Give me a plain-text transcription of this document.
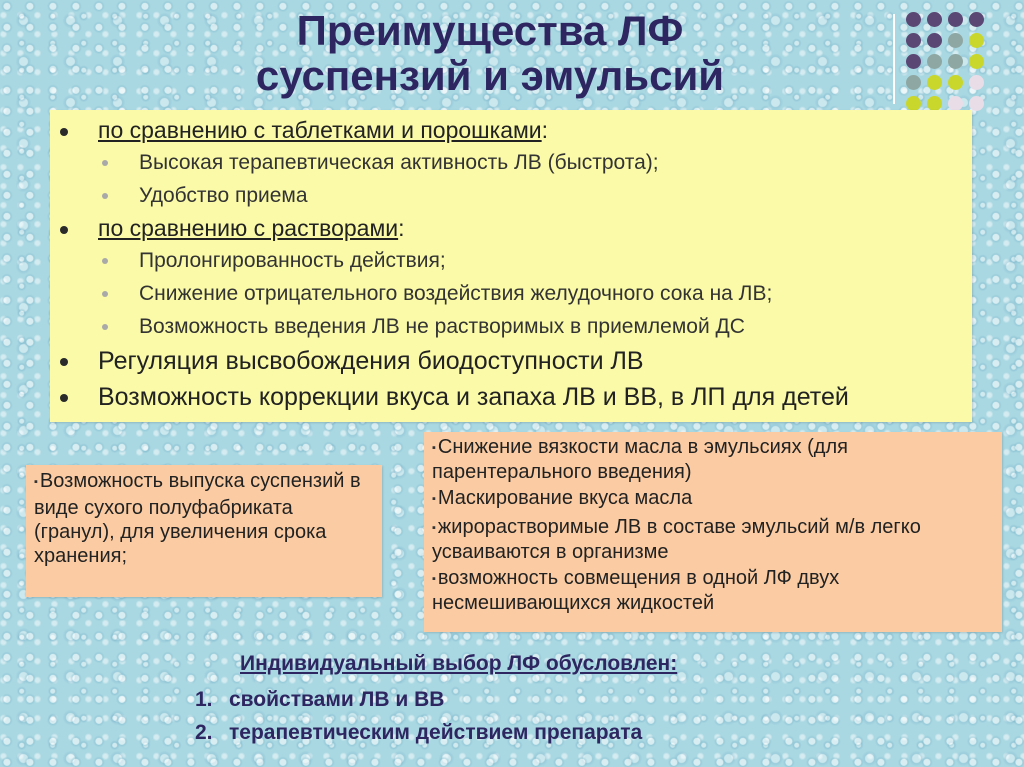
Преимущества ЛФ
суспензий и эмульсий
по сравнению с таблетками и порошками:
Высокая терапевтическая активность ЛВ (быстрота);
Удобство приема
по сравнению с растворами:
Пролонгированность действия;
Снижение отрицательного воздействия желудочного сока на ЛВ;
Возможность введения ЛВ не растворимых в приемлемой ДС
Регуляция высвобождения биодоступности ЛВ
Возможность коррекции вкуса и запаха ЛВ и ВВ, в ЛП для детей

▪ Возможность выпуска суспензий в виде сухого полуфабриката (гранул), для увеличения срока хранения;

▪ Снижение вязкости масла в эмульсиях (для парентерального введения)
▪ Маскирование вкуса масла
▪ жирорастворимые ЛВ в составе эмульсий м/в легко усваиваются в организме
▪ возможность совмещения в одной ЛФ двух несмешивающихся жидкостей

Индивидуальный выбор ЛФ обусловлен:

1. свойствами ЛВ и ВВ
2. терапевтическим действием препарата
